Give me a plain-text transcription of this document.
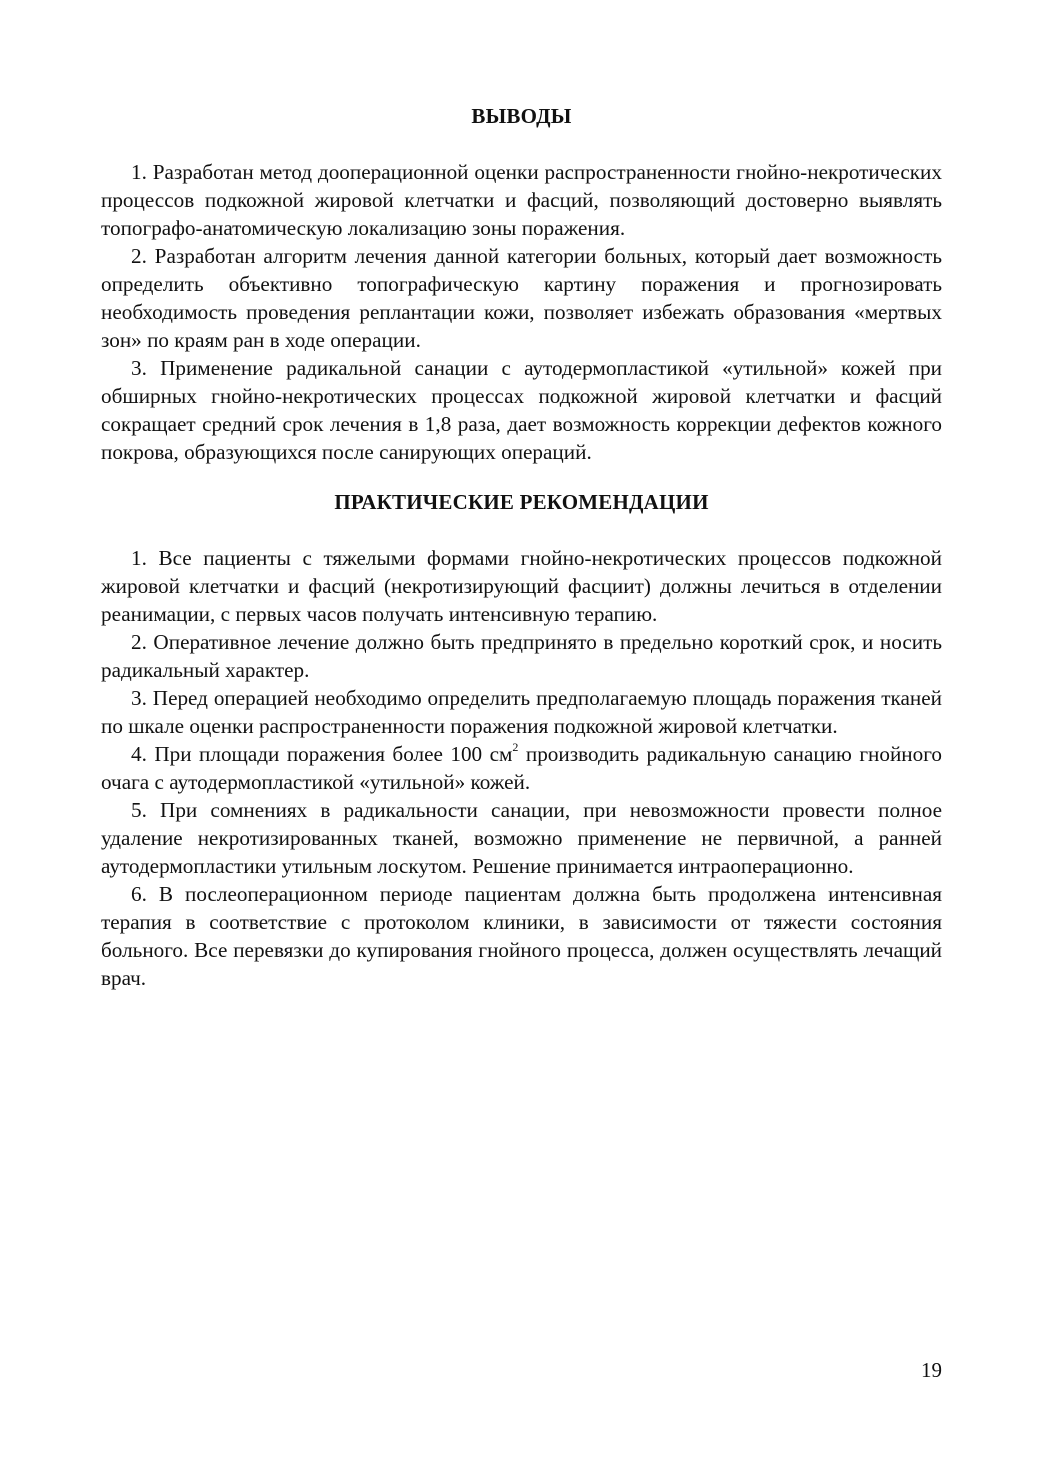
ВЫВОДЫ

1. Разработан метод дооперационной оценки распространенности гнойно-некротических процессов подкожной жировой клетчатки и фасций, позволяющий достоверно выявлять топографо-анатомическую локализацию зоны поражения.

2. Разработан алгоритм лечения данной категории больных, который дает возможность определить объективно топографическую картину поражения и прогнозировать необходимость проведения реплантации кожи, позволяет избежать образования «мертвых зон» по краям ран в ходе операции.

3. Применение радикальной санации с аутодермопластикой «утильной» кожей при обширных гнойно-некротических процессах подкожной жировой клетчатки и фасций сокращает средний срок лечения в 1,8 раза, дает возможность коррекции дефектов кожного покрова, образующихся после санирующих операций.

ПРАКТИЧЕСКИЕ РЕКОМЕНДАЦИИ

1. Все пациенты с тяжелыми формами гнойно-некротических процессов подкожной жировой клетчатки и фасций (некротизирующий фасциит) должны лечиться в отделении реанимации, с первых часов получать интенсивную терапию.

2. Оперативное лечение должно быть предпринято в предельно короткий срок, и носить радикальный характер.

3. Перед операцией необходимо определить предполагаемую площадь поражения тканей по шкале оценки распространенности поражения подкожной жировой клетчатки.

4. При площади поражения более 100 $см^2$ производить радикальную санацию гнойного очага с аутодермопластикой «утильной» кожей.

5. При сомнениях в радикальности санации, при невозможности провести полное удаление некротизированных тканей, возможно применение не первичной, а ранней аутодермопластики утильным лоскутом. Решение принимается интраоперационно.

6. В послеоперационном периоде пациентам должна быть продолжена интенсивная терапия в соответствие с протоколом клиники, в зависимости от тяжести состояния больного. Все перевязки до купирования гнойного процесса, должен осуществлять лечащий врач.

19
